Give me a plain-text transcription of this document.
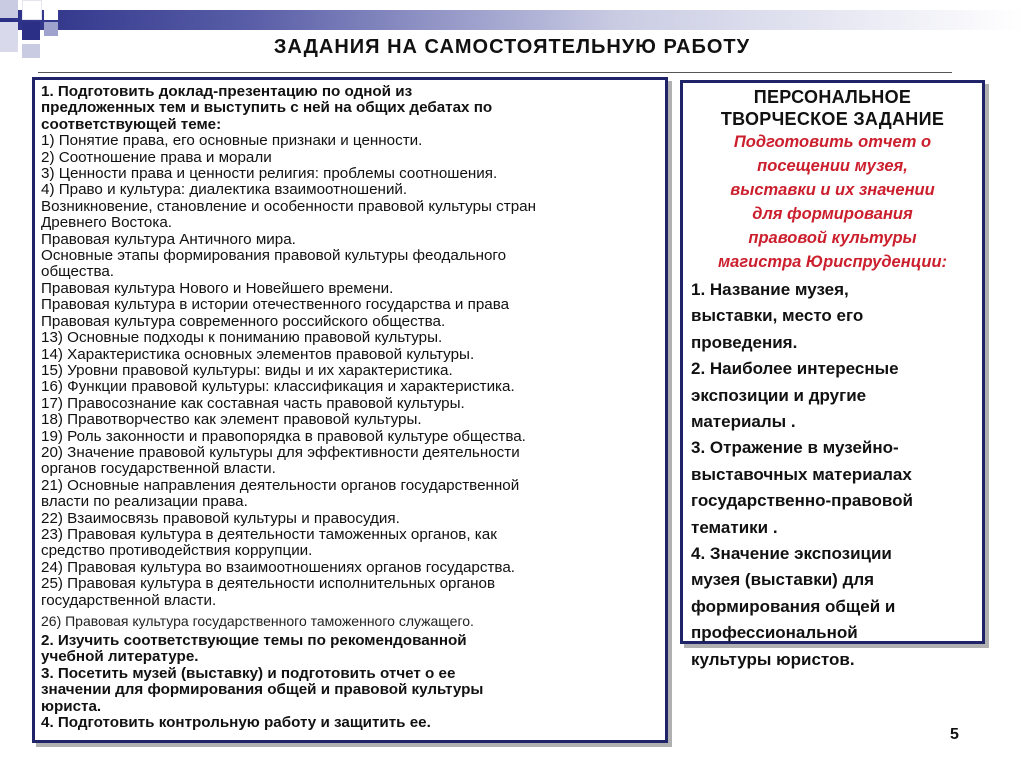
ЗАДАНИЯ НА САМОСТОЯТЕЛЬНУЮ РАБОТУ
1. Подготовить доклад-презентацию по одной из
предложенных тем и выступить с ней на общих дебатах по
соответствующей теме:
1) Понятие права, его основные признаки и ценности.
2) Соотношение права и морали
3) Ценности права и ценности религия: проблемы соотношения.
4) Право и культура: диалектика взаимоотношений.
Возникновение, становление и особенности правовой культуры стран
Древнего Востока.
Правовая культура Античного мира.
Основные этапы формирования правовой культуры феодального
общества.
Правовая культура Нового и Новейшего времени.
Правовая культура в истории отечественного государства и права
Правовая культура современного российского общества.
13) Основные подходы к пониманию правовой культуры.
14) Характеристика основных элементов правовой культуры.
15) Уровни правовой культуры: виды и их характеристика.
16) Функции правовой культуры: классификация и характеристика.
17) Правосознание как составная часть правовой культуры.
18) Правотворчество как элемент правовой культуры.
19) Роль законности и правопорядка в правовой культуре общества.
20) Значение правовой культуры для эффективности деятельности
органов государственной власти.
21) Основные направления деятельности органов государственной
власти по реализации права.
22) Взаимосвязь правовой культуры и правосудия.
23) Правовая культура в деятельности таможенных органов, как
средство противодействия коррупции.
24) Правовая культура во взаимоотношениях органов государства.
25) Правовая культура в деятельности исполнительных органов
государственной власти.
26) Правовая культура государственного таможенного служащего.
2. Изучить соответствующие темы по рекомендованной
учебной литературе.
3. Посетить музей (выставку) и подготовить отчет о ее
значении для формирования общей и правовой культуры
юриста.
4. Подготовить контрольную работу и защитить ее.
ПЕРСОНАЛЬНОЕ
ТВОРЧЕСКОЕ ЗАДАНИЕ
Подготовить отчет о
посещении музея,
выставки и их значении
для формирования
правовой культуры
магистра Юриспруденции:
1. Название музея,
выставки, место его
проведения.
2. Наиболее интересные
экспозиции и другие
материалы .
3. Отражение в музейно-
выставочных материалах
государственно-правовой
тематики .
4. Значение экспозиции
музея (выставки) для
формирования общей и
профессиональной
культуры юристов.
5
